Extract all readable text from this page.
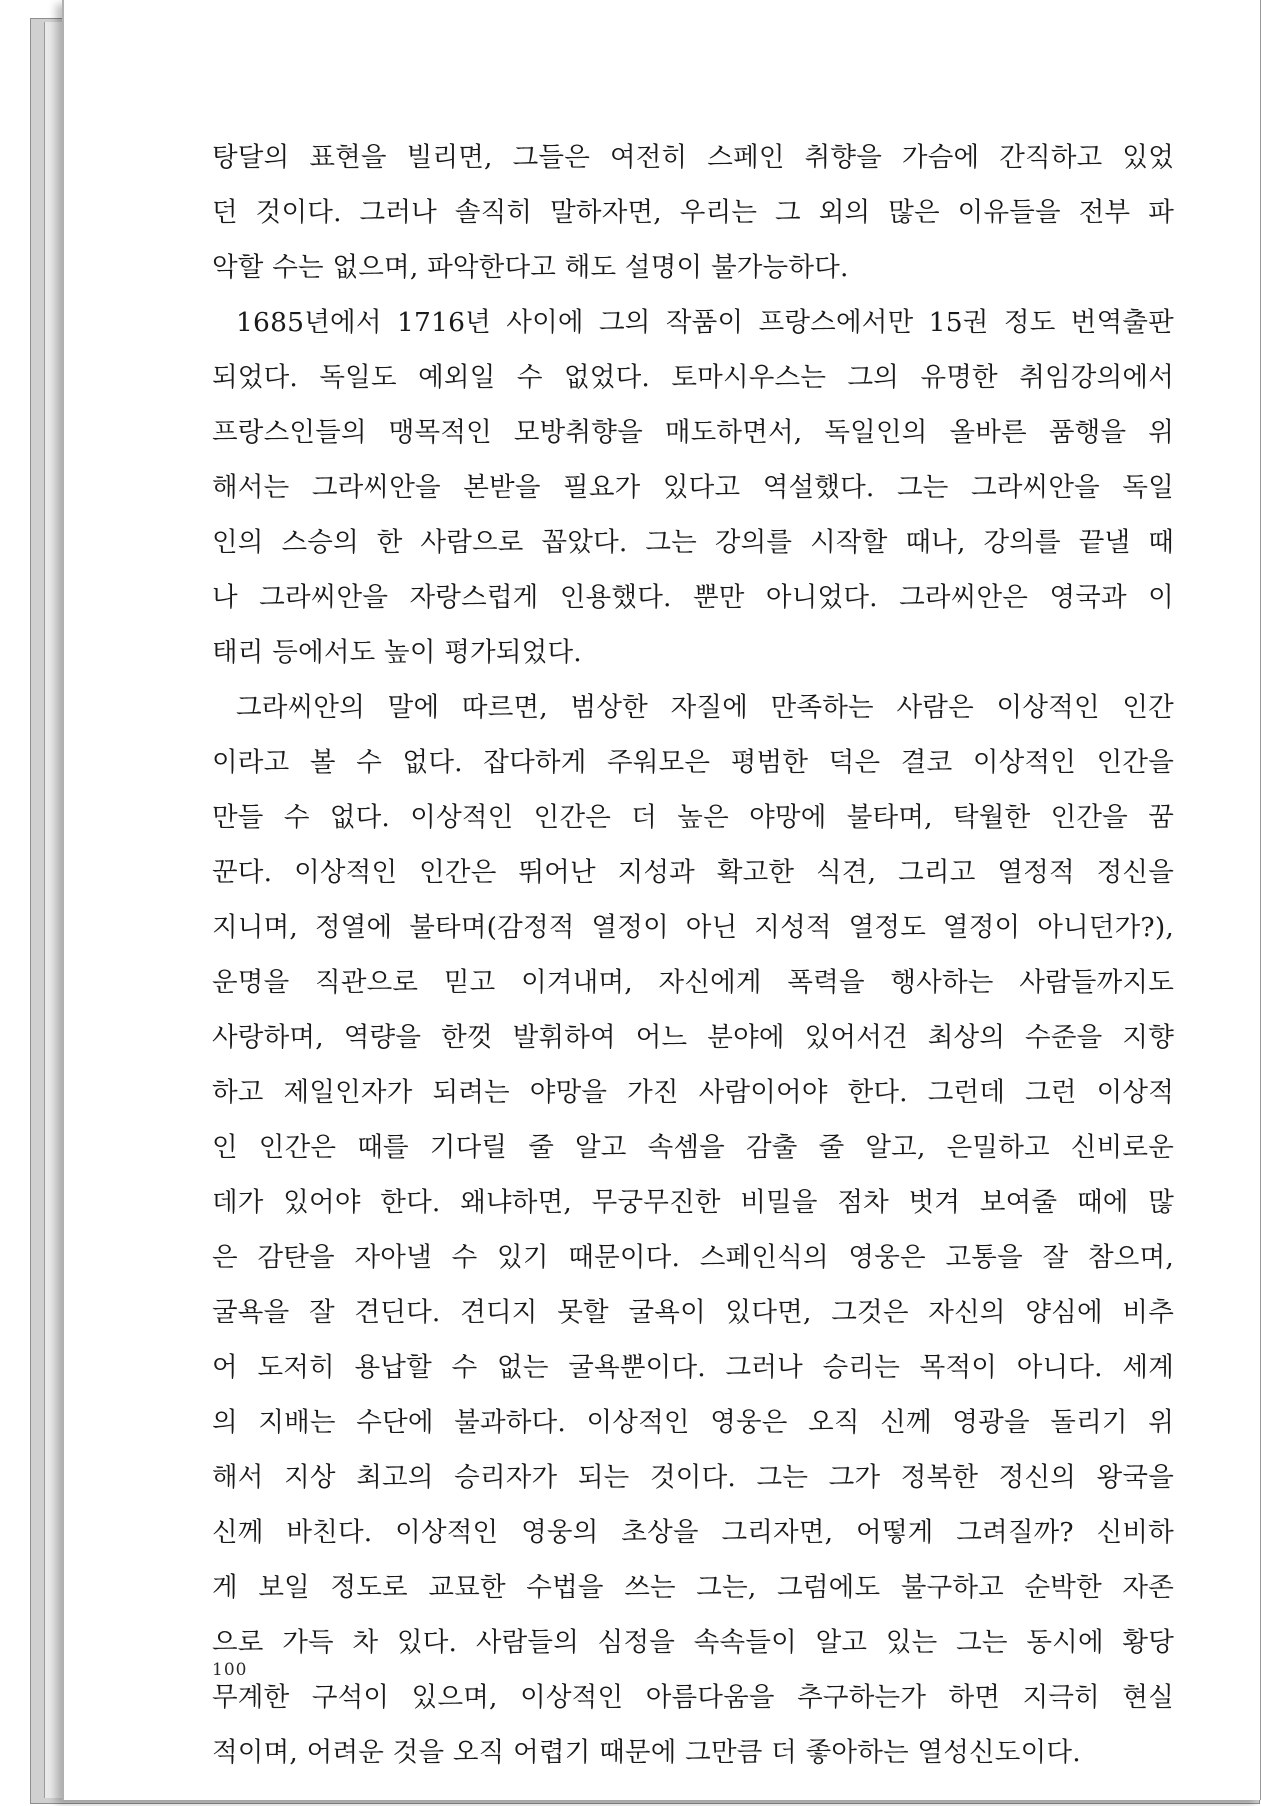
탕달의 표현을 빌리면, 그들은 여전히 스페인 취향을 가슴에 간직하고 있었
던 것이다. 그러나 솔직히 말하자면, 우리는 그 외의 많은 이유들을 전부 파
악할 수는 없으며, 파악한다고 해도 설명이 불가능하다.
1685년에서 1716년 사이에 그의 작품이 프랑스에서만 15권 정도 번역출판
되었다. 독일도 예외일 수 없었다. 토마시우스는 그의 유명한 취임강의에서
프랑스인들의 맹목적인 모방취향을 매도하면서, 독일인의 올바른 품행을 위
해서는 그라씨안을 본받을 필요가 있다고 역설했다. 그는 그라씨안을 독일
인의 스승의 한 사람으로 꼽았다. 그는 강의를 시작할 때나, 강의를 끝낼 때
나 그라씨안을 자랑스럽게 인용했다. 뿐만 아니었다. 그라씨안은 영국과 이
태리 등에서도 높이 평가되었다.
그라씨안의 말에 따르면, 범상한 자질에 만족하는 사람은 이상적인 인간
이라고 볼 수 없다. 잡다하게 주워모은 평범한 덕은 결코 이상적인 인간을
만들 수 없다. 이상적인 인간은 더 높은 야망에 불타며, 탁월한 인간을 꿈
꾼다. 이상적인 인간은 뛰어난 지성과 확고한 식견, 그리고 열정적 정신을
지니며, 정열에 불타며(감정적 열정이 아닌 지성적 열정도 열정이 아니던가?),
운명을 직관으로 믿고 이겨내며, 자신에게 폭력을 행사하는 사람들까지도
사랑하며, 역량을 한껏 발휘하여 어느 분야에 있어서건 최상의 수준을 지향
하고 제일인자가 되려는 야망을 가진 사람이어야 한다. 그런데 그런 이상적
인 인간은 때를 기다릴 줄 알고 속셈을 감출 줄 알고, 은밀하고 신비로운
데가 있어야 한다. 왜냐하면, 무궁무진한 비밀을 점차 벗겨 보여줄 때에 많
은 감탄을 자아낼 수 있기 때문이다. 스페인식의 영웅은 고통을 잘 참으며,
굴욕을 잘 견딘다. 견디지 못할 굴욕이 있다면, 그것은 자신의 양심에 비추
어 도저히 용납할 수 없는 굴욕뿐이다. 그러나 승리는 목적이 아니다. 세계
의 지배는 수단에 불과하다. 이상적인 영웅은 오직 신께 영광을 돌리기 위
해서 지상 최고의 승리자가 되는 것이다. 그는 그가 정복한 정신의 왕국을
신께 바친다. 이상적인 영웅의 초상을 그리자면, 어떻게 그려질까? 신비하
게 보일 정도로 교묘한 수법을 쓰는 그는, 그럼에도 불구하고 순박한 자존
으로 가득 차 있다. 사람들의 심정을 속속들이 알고 있는 그는 동시에 황당
무계한 구석이 있으며, 이상적인 아름다움을 추구하는가 하면 지극히 현실
적이며, 어려운 것을 오직 어렵기 때문에 그만큼 더 좋아하는 열성신도이다.
100
